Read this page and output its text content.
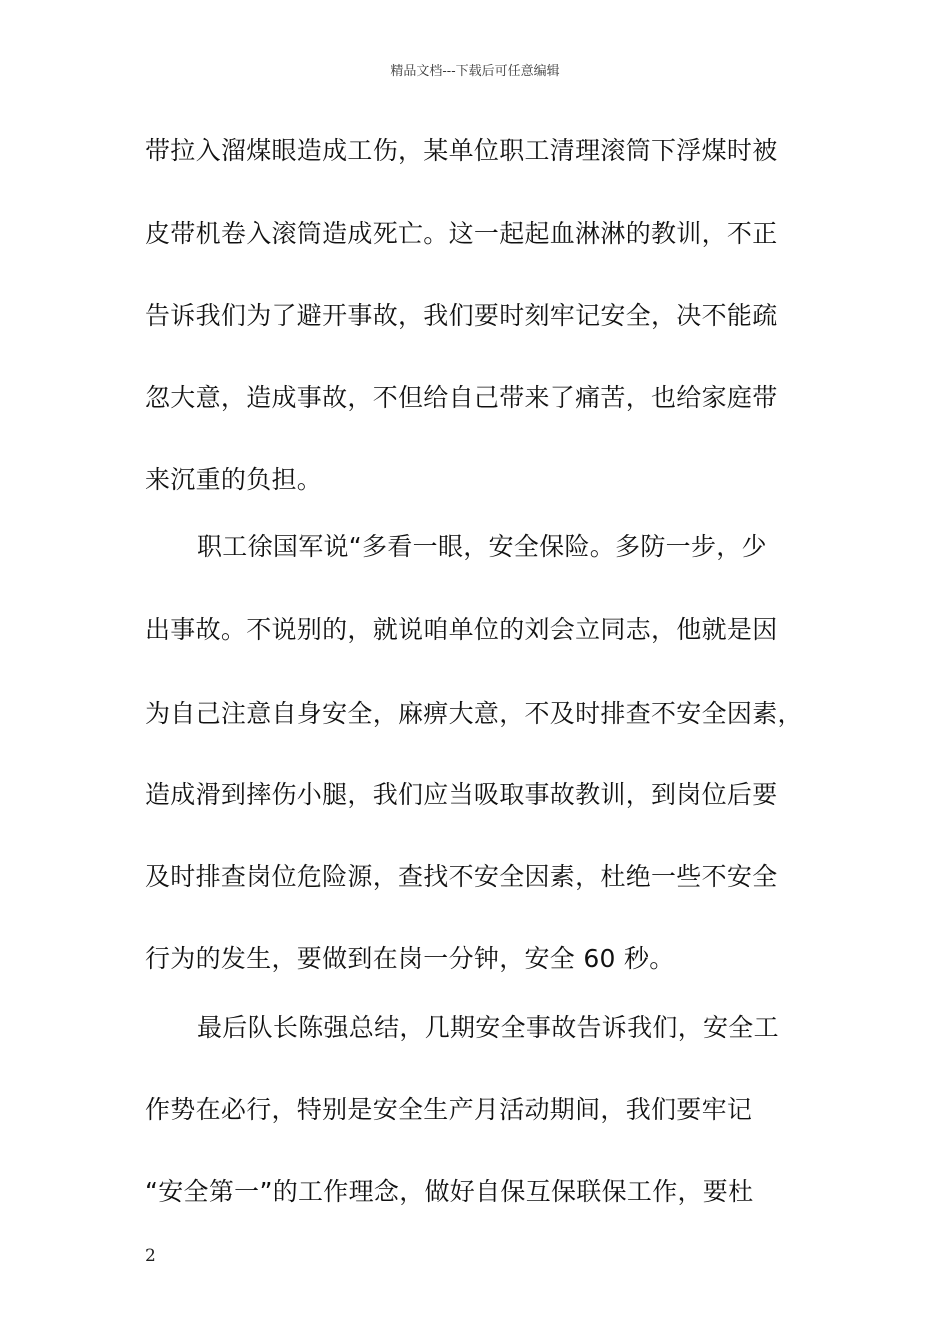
精品文档---下载后可任意编辑
带拉入溜煤眼造成工伤，某单位职工清理滚筒下浮煤时被
皮带机卷入滚筒造成死亡。这一起起血淋淋的教训，不正
告诉我们为了避开事故，我们要时刻牢记安全，决不能疏
忽大意，造成事故，不但给自己带来了痛苦，也给家庭带
来沉重的负担。
职工徐国军说“多看一眼，安全保险。多防一步，少
出事故。不说别的，就说咱单位的刘会立同志，他就是因
为自己注意自身安全，麻痹大意，不及时排查不安全因素，
造成滑到摔伤小腿，我们应当吸取事故教训，到岗位后要
及时排查岗位危险源，查找不安全因素，杜绝一些不安全
行为的发生，要做到在岗一分钟，安全 60 秒。
最后队长陈强总结，几期安全事故告诉我们，安全工
作势在必行，特别是安全生产月活动期间，我们要牢记
“安全第一”的工作理念，做好自保互保联保工作，要杜
2
